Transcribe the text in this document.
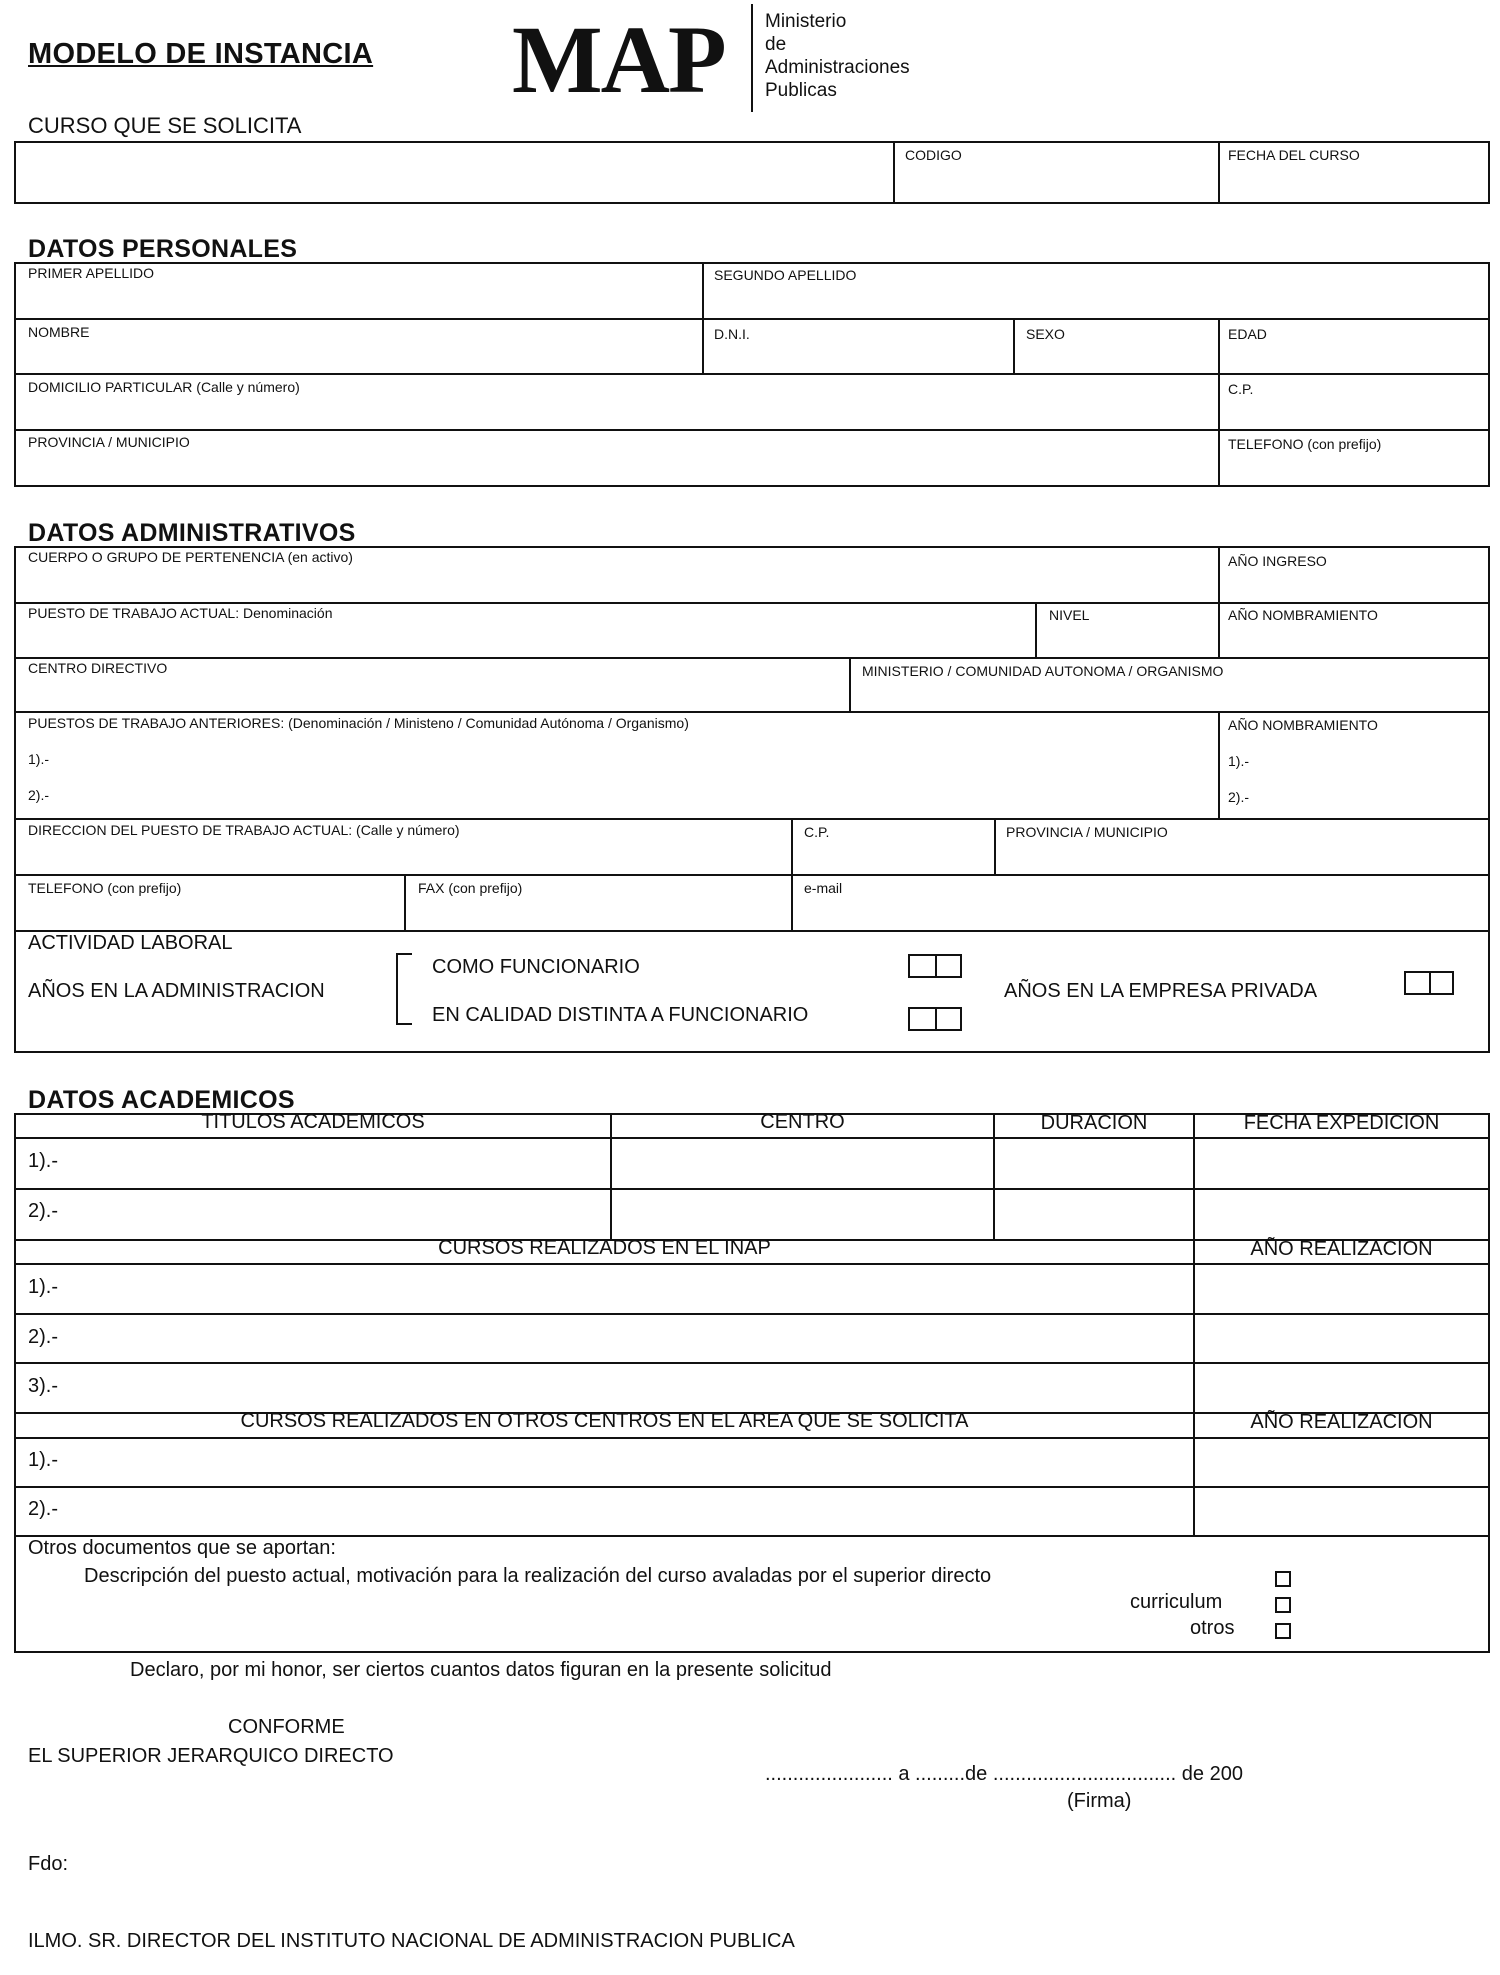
MODELO DE INSTANCIA MAP Ministerio
de
Administraciones
Publicas
CURSO QUE SE SOLICITA
CODIGO	FECHA DEL CURSO
DATOS PERSONALES
PRIMER APELLIDO	SEGUNDO APELLIDO
NOMBRE	D.N.I.	SEXO	EDAD
DOMICILIO PARTICULAR (Calle y número)	C.P.
PROVINCIA / MUNICIPIO	TELEFONO (con prefijo)
DATOS ADMINISTRATIVOS
CUERPO O GRUPO DE PERTENENCIA (en activo)	AÑO INGRESO
PUESTO DE TRABAJO ACTUAL: Denominación	NIVEL	AÑO NOMBRAMIENTO
CENTRO DIRECTIVO	MINISTERIO / COMUNIDAD AUTONOMA / ORGANISMO
PUESTOS DE TRABAJO ANTERIORES: (Denominación / Ministeno / Comunidad Autónoma / Organismo)
1).-
2).-
AÑO NOMBRAMIENTO
1).-
2).-
DIRECCION DEL PUESTO DE TRABAJO ACTUAL: (Calle y número)	C.P.	PROVINCIA / MUNICIPIO
TELEFONO (con prefijo)	FAX (con prefijo)	e-mail
ACTIVIDAD LABORAL
AÑOS EN LA ADMINISTRACION
COMO FUNCIONARIO
EN CALIDAD DISTINTA A FUNCIONARIO
AÑOS EN LA EMPRESA PRIVADA
DATOS ACADEMICOS
TITULOS ACADEMICOS	CENTRO	DURACION	FECHA EXPEDICION
1).-
2).-
CURSOS REALIZADOS EN EL INAP	AÑO REALIZACION
1).-
2).-
3).-
CURSOS REALIZADOS EN OTROS CENTROS EN EL AREA QUE SE SOLICITA	AÑO REALIZACION
1).-
2).-
Otros documentos que se aportan:
Descripción del puesto actual, motivación para la realización del curso avaladas por el superior directo
curriculum
otros
Declaro, por mi honor, ser ciertos cuantos datos figuran en la presente solicitud
CONFORME
EL SUPERIOR JERARQUICO DIRECTO
....................... a .........de ................................. de 200
(Firma)
Fdo:
ILMO. SR. DIRECTOR DEL INSTITUTO NACIONAL DE ADMINISTRACION PUBLICA
